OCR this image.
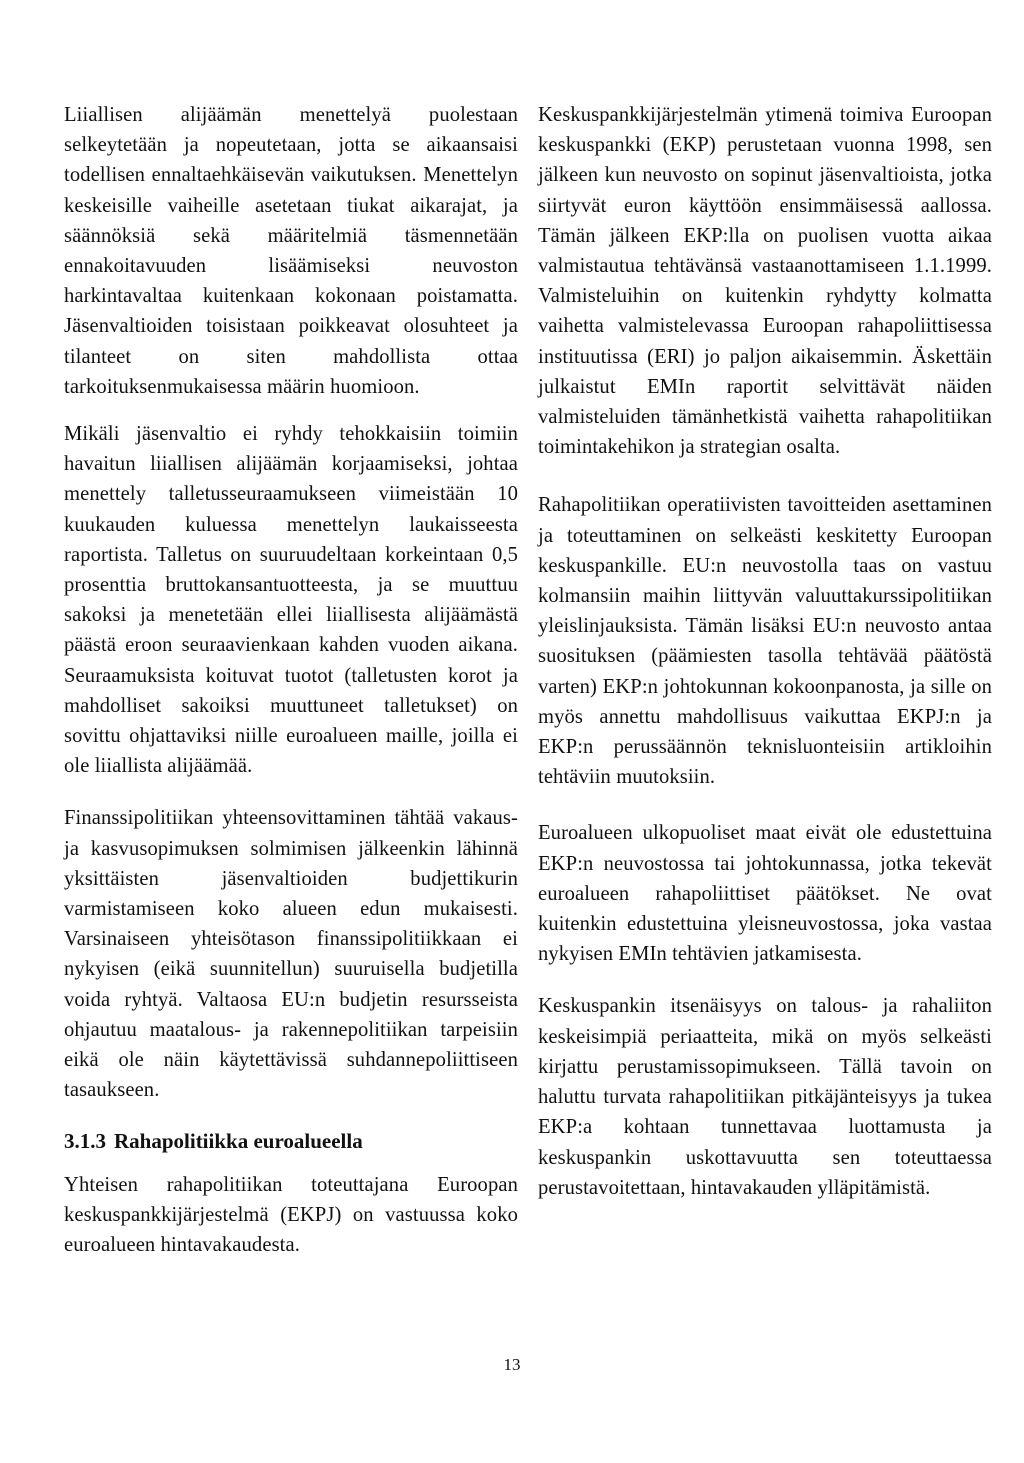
Liiallisen alijäämän menettelyä puolestaan selkeytetään ja nopeutetaan, jotta se aikaansaisi todellisen ennaltaehkäisevän vaikutuksen. Menettelyn keskeisille vaiheille asetetaan tiukat aikarajat, ja säännöksiä sekä määritelmiä täsmennetään ennakoitavuuden lisäämiseksi neuvoston harkintavaltaa kuitenkaan kokonaan poistamatta. Jäsenvaltioiden toisistaan poikkeavat olosuhteet ja tilanteet on siten mahdollista ottaa tarkoituksenmukaisessa määrin huomioon.

Mikäli jäsenvaltio ei ryhdy tehokkaisiin toimiin havaitun liiallisen alijäämän korjaamiseksi, johtaa menettely talletusseuraamukseen viimeistään 10 kuukauden kuluessa menettelyn laukaisseesta raportista. Talletus on suuruudeltaan korkeintaan 0,5 prosenttia bruttokansantuotteesta, ja se muuttuu sakoksi ja menetetään ellei liiallisesta alijäämästä päästä eroon seuraavienkaan kahden vuoden aikana. Seuraamuksista koituvat tuotot (talletusten korot ja mahdolliset sakoiksi muuttuneet talletukset) on sovittu ohjattaviksi niille euroalueen maille, joilla ei ole liiallista alijäämää.

Finanssipolitiikan yhteensovittaminen tähtää vakaus- ja kasvusopimuksen solmimisen jälkeenkin lähinnä yksittäisten jäsenvaltioiden budjettikurin varmistamiseen koko alueen edun mukaisesti. Varsinaiseen yhteisötason finanssipolitiikkaan ei nykyisen (eikä suunnitellun) suuruisella budjetilla voida ryhtyä. Valtaosa EU:n budjetin resursseista ohjautuu maatalous- ja rakennepolitiikan tarpeisiin eikä ole näin käytettävissä suhdannepoliittiseen tasaukseen.

3.1.3 Rahapolitiikka euroalueella

Yhteisen rahapolitiikan toteuttajana Euroopan keskuspankkijärjestelmä (EKPJ) on vastuussa koko euroalueen hintavakaudesta.

Keskuspankkijärjestelmän ytimenä toimiva Euroopan keskuspankki (EKP) perustetaan vuonna 1998, sen jälkeen kun neuvosto on sopinut jäsenvaltioista, jotka siirtyvät euron käyttöön ensimmäisessä aallossa. Tämän jälkeen EKP:lla on puolisen vuotta aikaa valmistautua tehtävänsä vastaanottamiseen 1.1.1999. Valmisteluihin on kuitenkin ryhdytty kolmatta vaihetta valmistelevassa Euroopan rahapoliittisessa instituutissa (ERI) jo paljon aikaisemmin. Äskettäin julkaistut EMIn raportit selvittävät näiden valmisteluiden tämänhetkistä vaihetta rahapolitiikan toimintakehikon ja strategian osalta.

Rahapolitiikan operatiivisten tavoitteiden asettaminen ja toteuttaminen on selkeästi keskitetty Euroopan keskuspankille. EU:n neuvostolla taas on vastuu kolmansiin maihin liittyvän valuuttakurssipolitiikan yleislinjauksista. Tämän lisäksi EU:n neuvosto antaa suosituksen (päämiesten tasolla tehtävää päätöstä varten) EKP:n johtokunnan kokoonpanosta, ja sille on myös annettu mahdollisuus vaikuttaa EKPJ:n ja EKP:n perussäännön teknisluonteisiin artikloihin tehtäviin muutoksiin.

Euroalueen ulkopuoliset maat eivät ole edustettuina EKP:n neuvostossa tai johtokunnassa, jotka tekevät euroalueen rahapoliittiset päätökset. Ne ovat kuitenkin edustettuina yleisneuvostossa, joka vastaa nykyisen EMIn tehtävien jatkamisesta.

Keskuspankin itsenäisyys on talous- ja rahaliiton keskeisimpiä periaatteita, mikä on myös selkeästi kirjattu perustamissopimukseen. Tällä tavoin on haluttu turvata rahapolitiikan pitkäjänteisyys ja tukea EKP:a kohtaan tunnettavaa luottamusta ja keskuspankin uskottavuutta sen toteuttaessa perustavoitettaan, hintavakauden ylläpitämistä.

13
